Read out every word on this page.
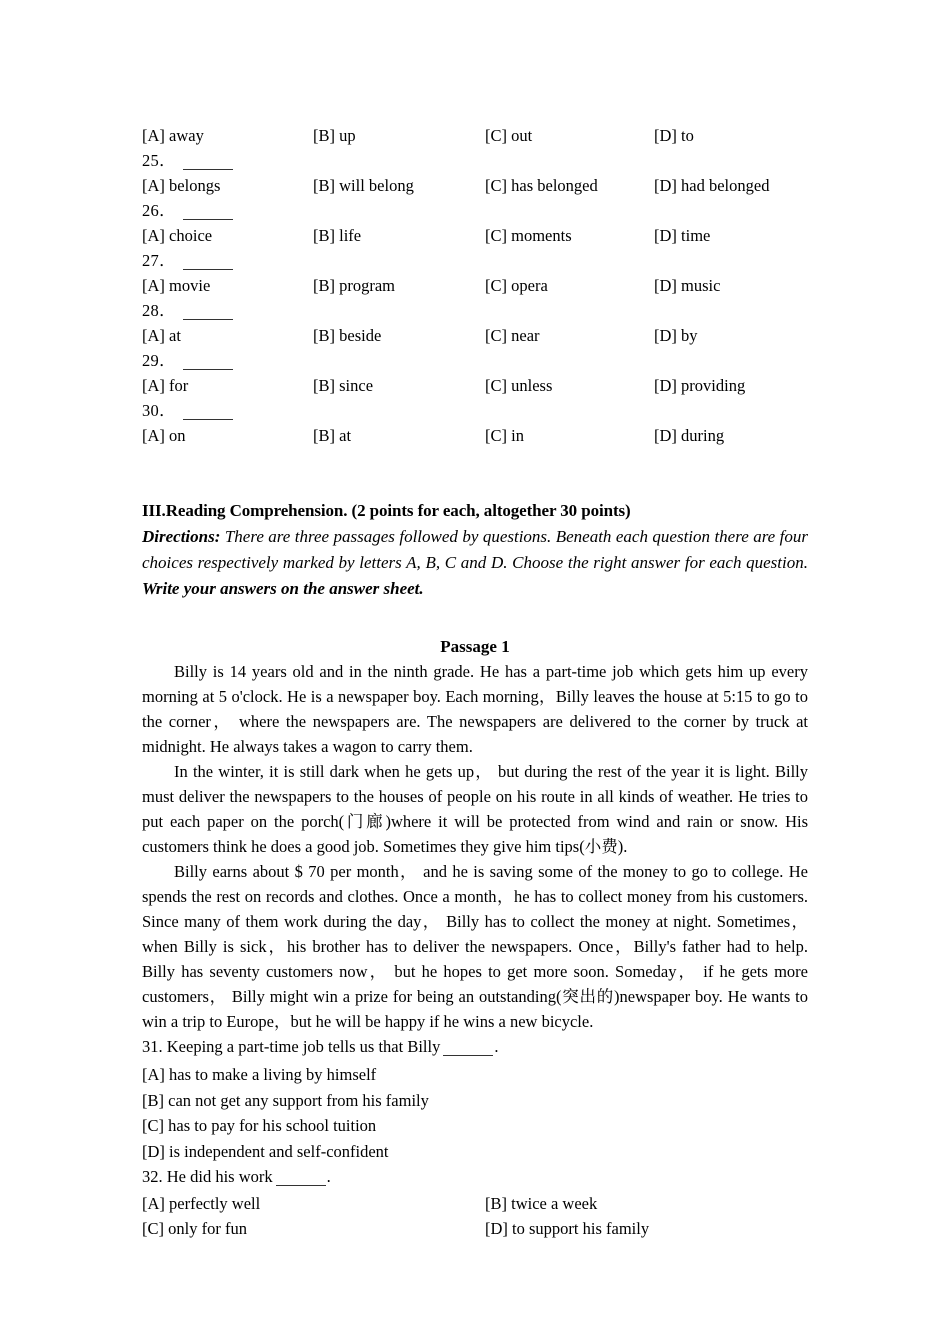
[A] away	[B] up	[C] out	[D] to
25．
[A] belongs	[B] will belong	[C] has belonged	[D] had belonged
26．
[A] choice	[B] life	[C] moments	[D] time
27．
[A] movie	[B] program	[C] opera	[D] music
28．
[A] at	[B] beside	[C] near	[D] by
29．
[A] for	[B] since	[C] unless	[D] providing
30．
[A] on	[B] at	[C] in	[D] during
III.Reading Comprehension. (2 points for each, altogether 30 points)
Directions: There are three passages followed by questions. Beneath each question there are four choices respectively marked by letters A, B, C and D. Choose the right answer for each question. Write your answers on the answer sheet.
Passage 1

Billy is 14 years old and in the ninth grade. He has a part-time job which gets him up every morning at 5 o'clock. He is a newspaper boy. Each morning，Billy leaves the house at 5:15 to go to the corner， where the newspapers are. The newspapers are delivered to the corner by truck at midnight. He always takes a wagon to carry them.

In the winter, it is still dark when he gets up， but during the rest of the year it is light. Billy must deliver the newspapers to the houses of people on his route in all kinds of weather. He tries to put each paper on the porch(门廊)where it will be protected from wind and rain or snow. His customers think he does a good job. Sometimes they give him tips(小费).

Billy earns about $ 70 per month， and he is saving some of the money to go to college. He spends the rest on records and clothes. Once a month，he has to collect money from his customers. Since many of them work during the day， Billy has to collect the money at night. Sometimes，when Billy is sick，his brother has to deliver the newspapers. Once，Billy's father had to help. Billy has seventy customers now， but he hopes to get more soon. Someday， if he gets more customers， Billy might win a prize for being an outstanding(突出的)newspaper boy. He wants to win a trip to Europe，but he will be happy if he wins a new bicycle.

31. Keeping a part-time job tells us that Billy	.
[A] has to make a living by himself
[B] can not get any support from his family
[C] has to pay for his school tuition
[D] is independent and self-confident
32. He did his work	.
[A] perfectly well	[B] twice a week
[C] only for fun	[D] to support his family
